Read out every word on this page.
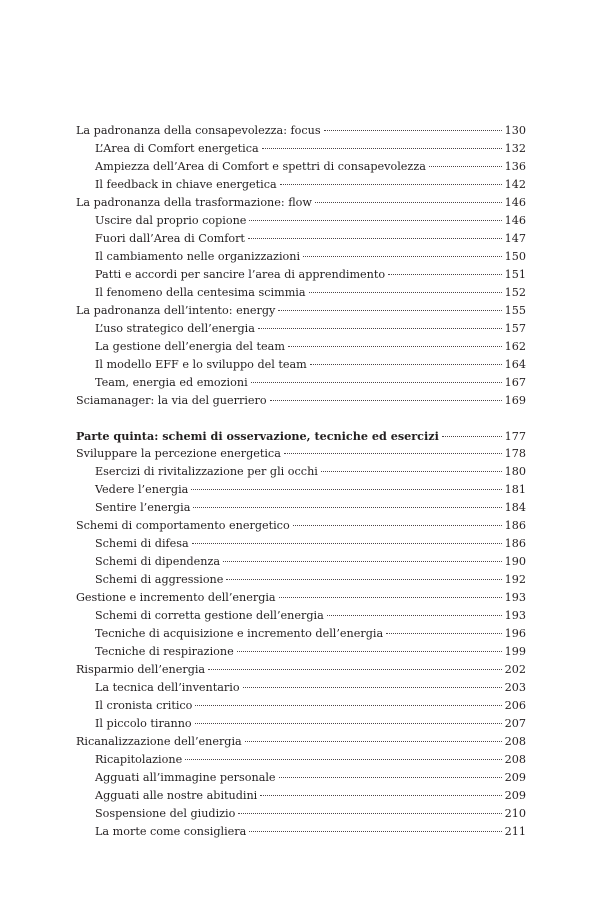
La padronanza della consapevolezza: focus	130
L’Area di Comfort energetica	132
Ampiezza dell’Area di Comfort e spettri di consapevolezza	136
Il feedback in chiave energetica	142
La padronanza della trasformazione: flow	146
Uscire dal proprio copione	146
Fuori dall’Area di Comfort	147
Il cambiamento nelle organizzazioni	150
Patti e accordi per sancire l’area di apprendimento	151
Il fenomeno della centesima scimmia	152
La padronanza dell’intento: energy	155
L’uso strategico dell’energia	157
La gestione dell’energia del team	162
Il modello EFF e lo sviluppo del team	164
Team, energia ed emozioni	167
Sciamanager: la via del guerriero	169
Parte quinta: schemi di osservazione, tecniche ed esercizi	177
Sviluppare la percezione energetica	178
Esercizi di rivitalizzazione per gli occhi	180
Vedere l’energia	181
Sentire l’energia	184
Schemi di comportamento energetico	186
Schemi di difesa	186
Schemi di dipendenza	190
Schemi di aggressione	192
Gestione e incremento dell’energia	193
Schemi di corretta gestione dell’energia	193
Tecniche di acquisizione e incremento dell’energia	196
Tecniche di respirazione	199
Risparmio dell’energia	202
La tecnica dell’inventario	203
Il cronista critico	206
Il piccolo tiranno	207
Ricanalizzazione dell’energia	208
Ricapitolazione	208
Agguati all’immagine personale	209
Agguati alle nostre abitudini	209
Sospensione del giudizio	210
La morte come consigliera	211
